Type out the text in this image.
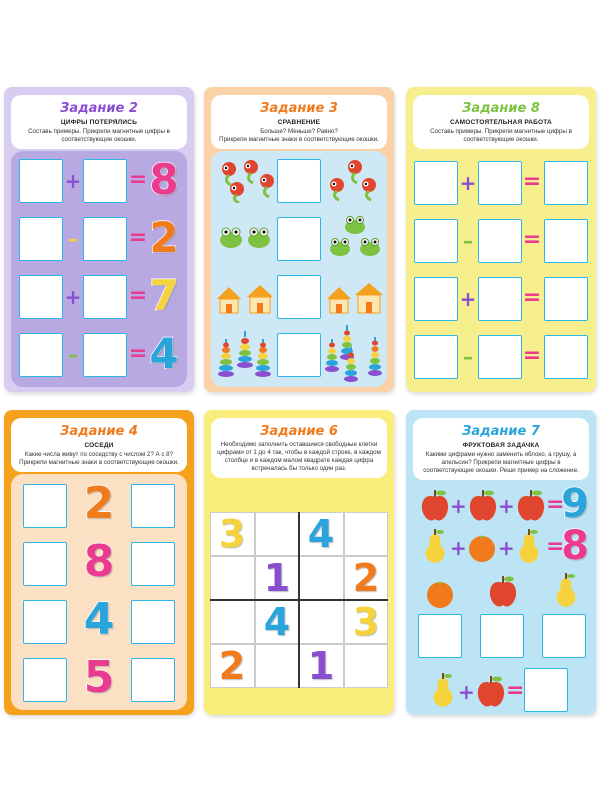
Задание 2
ЦИФРЫ ПОТЕРЯЛИСЬ
Составь примеры. Прикрепи магнитные цифры в соответствующие окошки.
+ = 8
– = 2
+ = 7
– = 4
Задание 3
СРАВНЕНИЕ
Больше? Меньше? Равно?
Прикрепи магнитные знаки в соответствующие окошки.
Задание 8
САМОСТОЯТЕЛЬНАЯ РАБОТА
Составь примеры. Прикрепи магнитные цифры в соответствующие окошки.
+ =
– =
+ =
– =
Задание 4
СОСЕДИ
Какие числа живут по соседству с числом 2? А с 8? Прикрепи магнитные знаки в соответствующие окошки.
2
8
4
5
Задание 6
Необходимо заполнить оставшиеся свободные клетки цифрами от 1 до 4 так, чтобы в каждой строке, в каждом столбце и в каждом малом квадрате каждая цифра встречалась бы только один раз.
3 4
1 2
4 3
2 1
Задание 7
ФРУКТОВАЯ ЗАДАЧКА
Какими цифрами нужно заменить яблоко, а грушу, а апельсин? Прикрепи магнитные цифры в соответствующие окошки. Реши пример на сложение.
+ + =
9
+ + =
8
+ =
